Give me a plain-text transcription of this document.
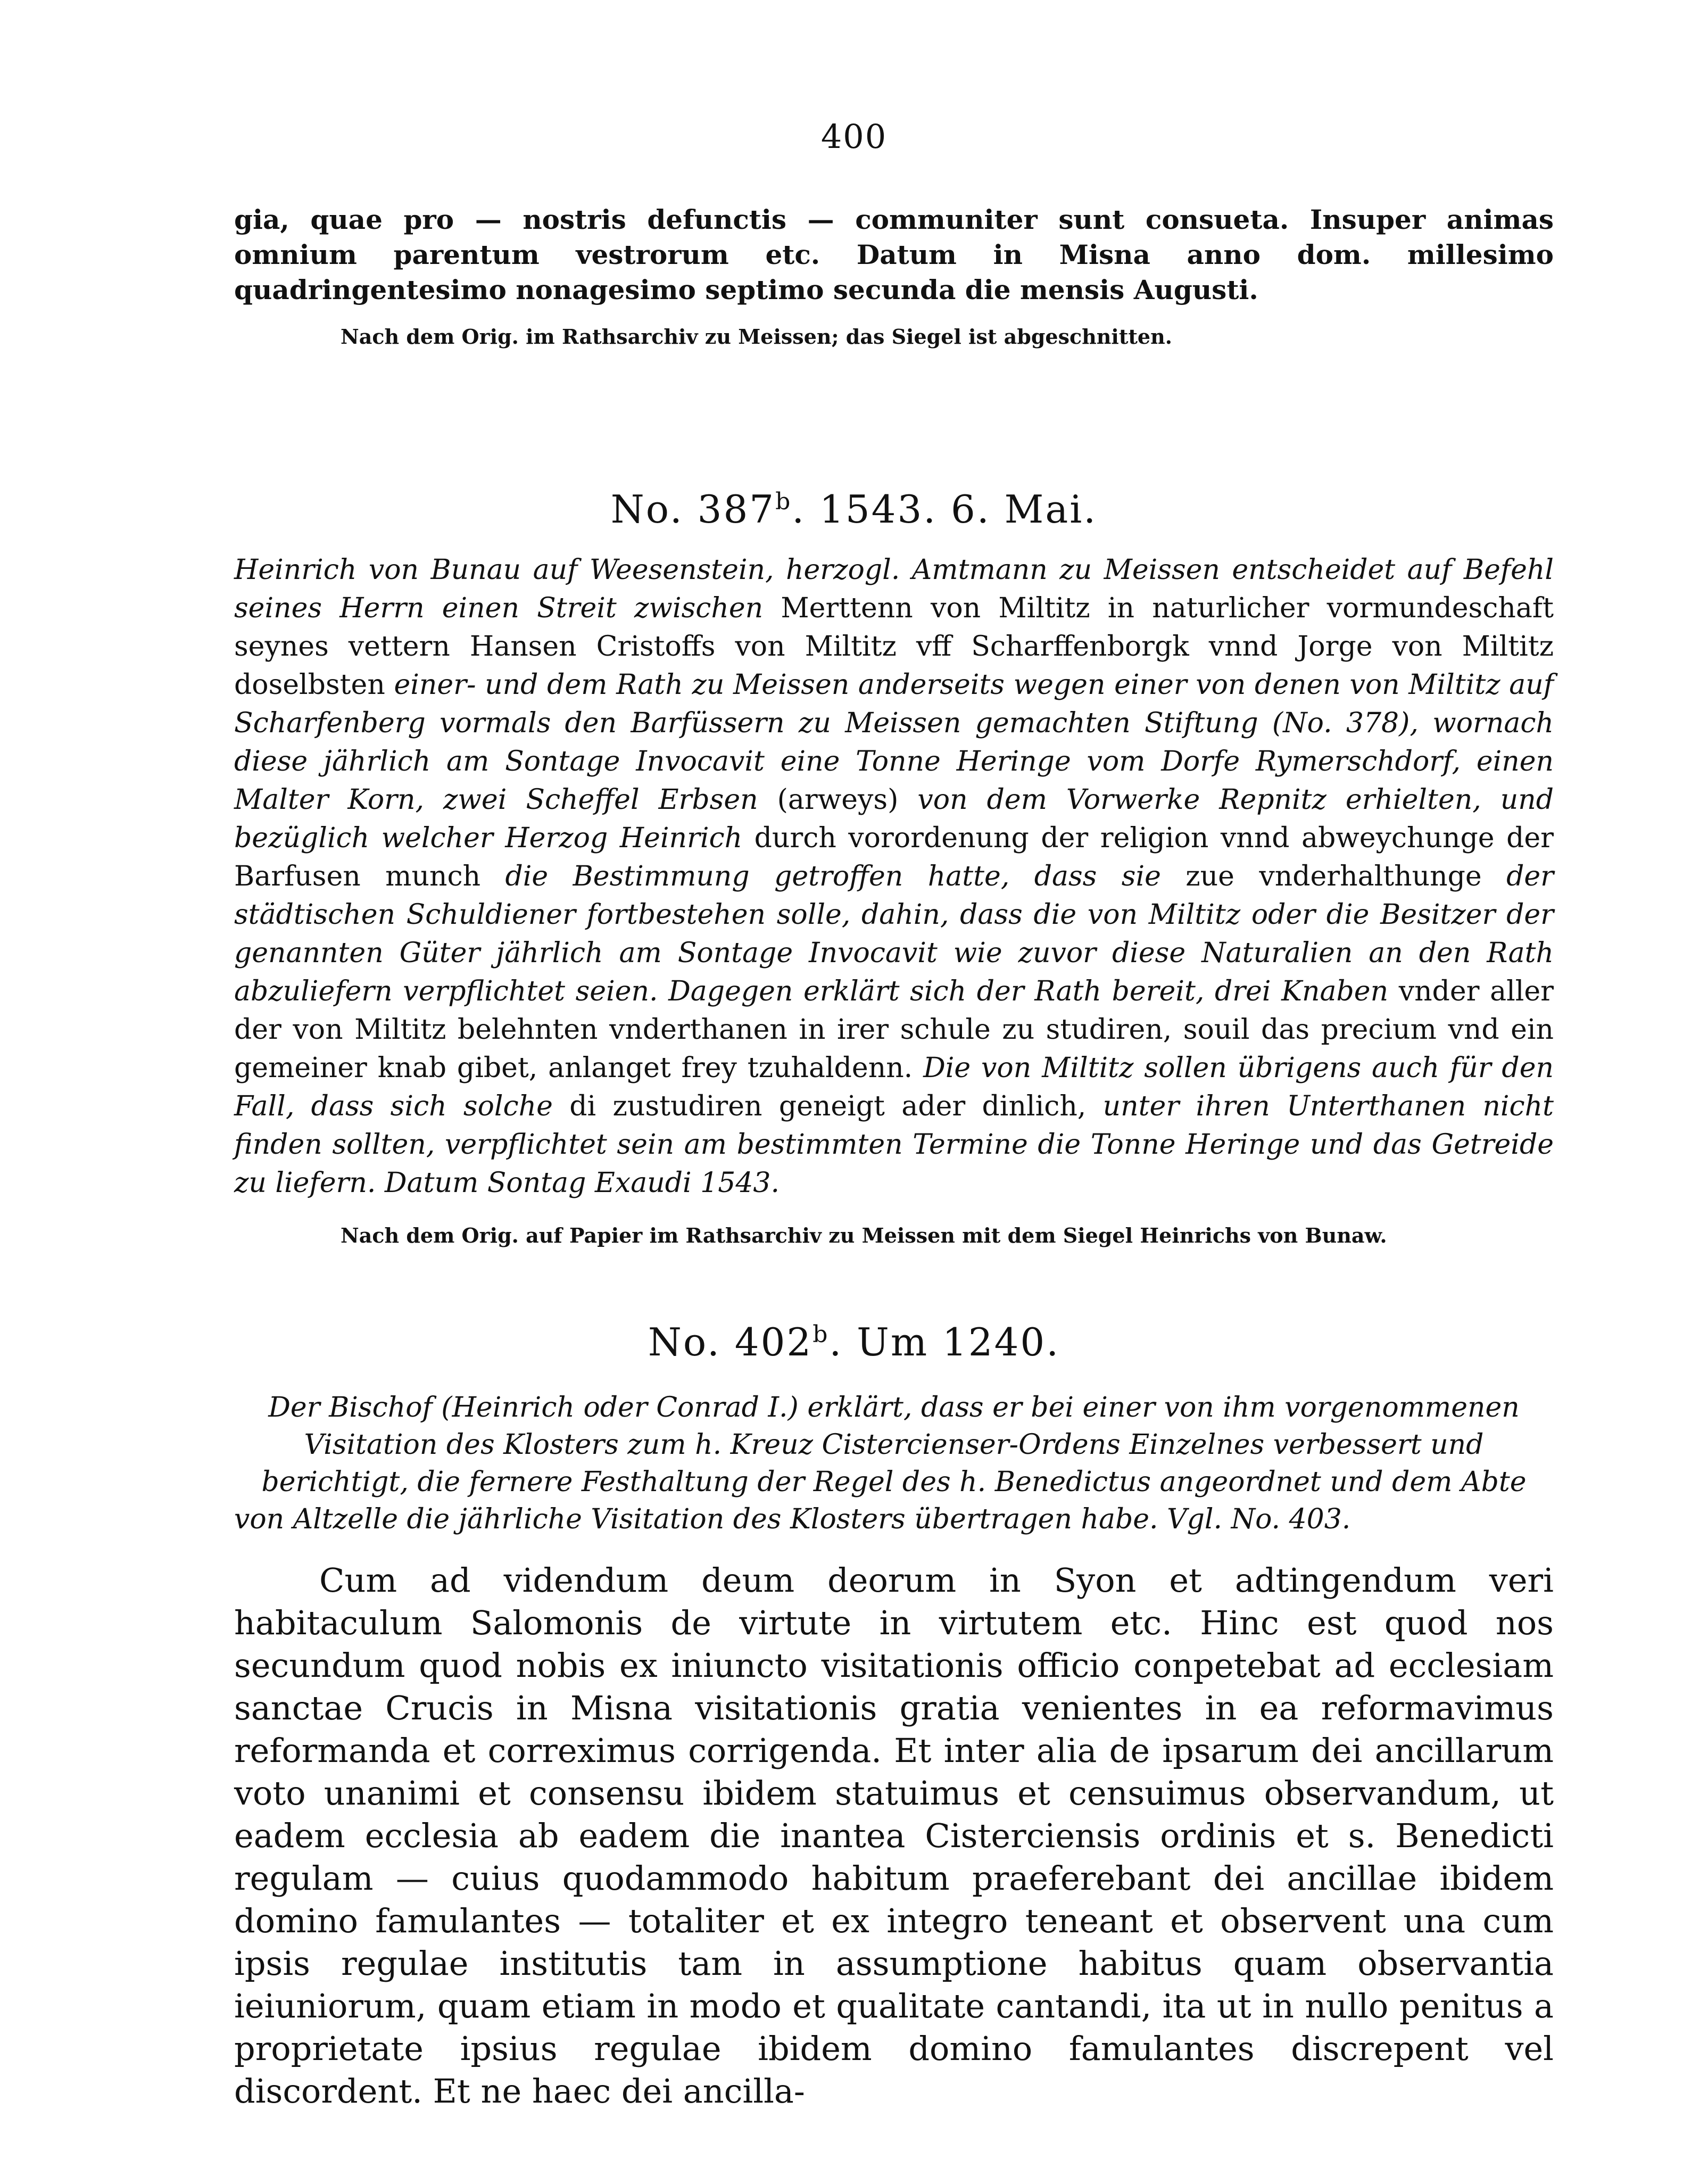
400

gia, quae pro — nostris defunctis — communiter sunt consueta. Insuper animas omnium parentum vestrorum etc. Datum in Misna anno dom. millesimo quadringentesimo nonagesimo septimo secunda die mensis Augusti.

Nach dem Orig. im Rathsarchiv zu Meissen; das Siegel ist abgeschnitten.

No. 387$^b$. 1543. 6. Mai.

Heinrich von Bunau auf Weesenstein, herzogl. Amtmann zu Meissen entscheidet auf Befehl seines Herrn einen Streit zwischen Merttenn von Miltitz in naturlicher vormundeschaft seynes vettern Hansen Cristoffs von Miltitz vff Scharffenborgk vnnd Jorge von Miltitz doselbsten einer- und dem Rath zu Meissen anderseits wegen einer von denen von Miltitz auf Scharfenberg vormals den Barfüssern zu Meissen gemachten Stiftung (No. 378), wornach diese jährlich am Sontage Invocavit eine Tonne Heringe vom Dorfe Rymerschdorf, einen Malter Korn, zwei Scheffel Erbsen (arweys) von dem Vorwerke Repnitz erhielten, und bezüglich welcher Herzog Heinrich durch vorordenung der religion vnnd abweychunge der Barfusen munch die Bestimmung getroffen hatte, dass sie zue vnderhalthunge der städtischen Schuldiener fortbestehen solle, dahin, dass die von Miltitz oder die Besitzer der genannten Güter jährlich am Sontage Invocavit wie zuvor diese Naturalien an den Rath abzuliefern verpflichtet seien. Dagegen erklärt sich der Rath bereit, drei Knaben vnder aller der von Miltitz belehnten vnderthanen in irer schule zu studiren, souil das precium vnd ein gemeiner knab gibet, anlanget frey tzuhaldenn. Die von Miltitz sollen übrigens auch für den Fall, dass sich solche di zustudiren geneigt ader dinlich, unter ihren Unterthanen nicht finden sollten, verpflichtet sein am bestimmten Termine die Tonne Heringe und das Getreide zu liefern. Datum Sontag Exaudi 1543.

Nach dem Orig. auf Papier im Rathsarchiv zu Meissen mit dem Siegel Heinrichs von Bunaw.

No. 402$^b$. Um 1240.

Der Bischof (Heinrich oder Conrad I.) erklärt, dass er bei einer von ihm vorgenommenen Visitation des Klosters zum h. Kreuz Cistercienser-Ordens Einzelnes verbessert und berichtigt, die fernere Festhaltung der Regel des h. Benedictus angeordnet und dem Abte von Altzelle die jährliche Visitation des Klosters übertragen habe. Vgl. No. 403.

Cum ad videndum deum deorum in Syon et adtingendum veri habitaculum Salomonis de virtute in virtutem etc. Hinc est quod nos secundum quod nobis ex iniuncto visitationis officio conpetebat ad ecclesiam sanctae Crucis in Misna visitationis gratia venientes in ea reformavimus reformanda et correximus corrigenda. Et inter alia de ipsarum dei ancillarum voto unanimi et consensu ibidem statuimus et censuimus observandum, ut eadem ecclesia ab eadem die inantea Cisterciensis ordinis et s. Benedicti regulam — cuius quodammodo habitum praeferebant dei ancillae ibidem domino famulantes — totaliter et ex integro teneant et observent una cum ipsis regulae institutis tam in assumptione habitus quam observantia ieiuniorum, quam etiam in modo et qualitate cantandi, ita ut in nullo penitus a proprietate ipsius regulae ibidem domino famulantes discrepent vel discordent. Et ne haec dei ancilla-
